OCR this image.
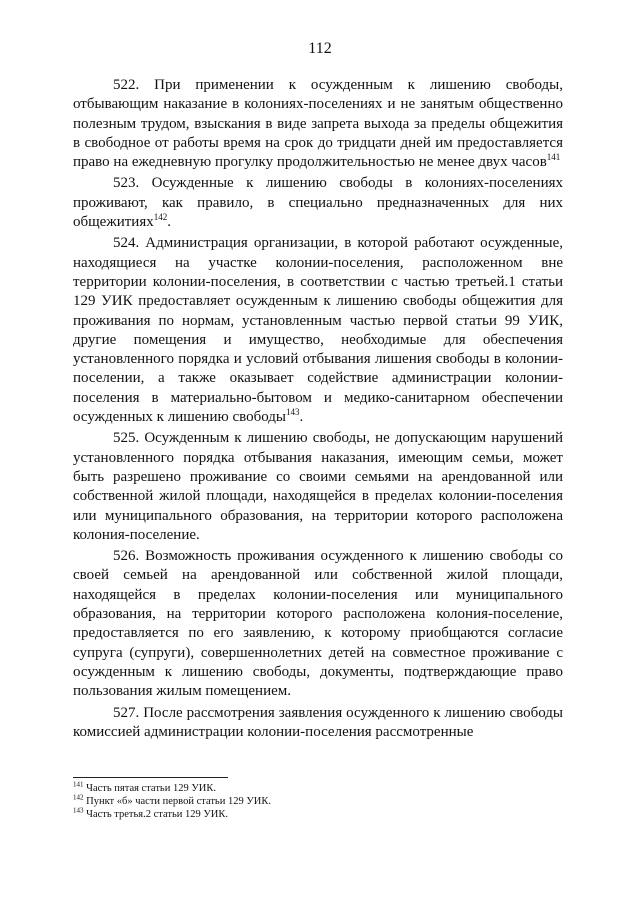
112

522. При применении к осужденным к лишению свободы, отбывающим наказание в колониях-поселениях и не занятым общественно полезным трудом, взыскания в виде запрета выхода за пределы общежития в свободное от работы время на срок до тридцати дней им предоставляется право на ежедневную прогулку продолжительностью не менее двух часов$^{141}$

523. Осужденные к лишению свободы в колониях-поселениях проживают, как правило, в специально предназначенных для них общежитиях$^{142}$.

524. Администрация организации, в которой работают осужденные, находящиеся на участке колонии-поселения, расположенном вне территории колонии-поселения, в соответствии с частью третьей.1 статьи 129 УИК предоставляет осужденным к лишению свободы общежития для проживания по нормам, установленным частью первой статьи 99 УИК, другие помещения и имущество, необходимые для обеспечения установленного порядка и условий отбывания лишения свободы в колонии-поселении, а также оказывает содействие администрации колонии-поселения в материально-бытовом и медико-санитарном обеспечении осужденных к лишению свободы$^{143}$.

525. Осужденным к лишению свободы, не допускающим нарушений установленного порядка отбывания наказания, имеющим семьи, может быть разрешено проживание со своими семьями на арендованной или собственной жилой площади, находящейся в пределах колонии-поселения или муниципального образования, на территории которого расположена колония-поселение.

526. Возможность проживания осужденного к лишению свободы со своей семьей на арендованной или собственной жилой площади, находящейся в пределах колонии-поселения или муниципального образования, на территории которого расположена колония-поселение, предоставляется по его заявлению, к которому приобщаются согласие супруга (супруги), совершеннолетних детей на совместное проживание с осужденным к лишению свободы, документы, подтверждающие право пользования жилым помещением.

527. После рассмотрения заявления осужденного к лишению свободы комиссией администрации колонии-поселения рассмотренные

$^{141}$ Часть пятая статьи 129 УИК.

$^{142}$ Пункт «б» части первой статьи 129 УИК.

$^{143}$ Часть третья.2 статьи 129 УИК.
